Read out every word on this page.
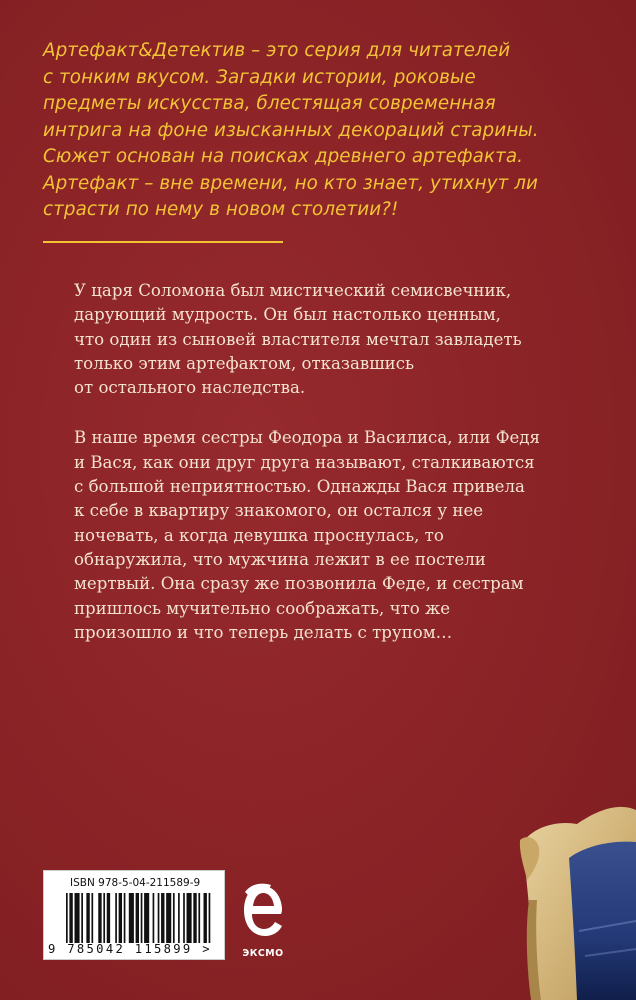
Артефакт&Детектив – это серия для читателей
с тонким вкусом. Загадки истории, роковые
предметы искусства, блестящая современная
интрига на фоне изысканных декораций старины.
Сюжет основан на поисках древнего артефакта.
Артефакт – вне времени, но кто знает, утихнут ли
страсти по нему в новом столетии?!
У царя Соломона был мистический семисвечник,
дарующий мудрость. Он был настолько ценным,
что один из сыновей властителя мечтал завладеть
только этим артефактом, отказавшись
от остального наследства.
В наше время сестры Феодора и Василиса, или Федя
и Вася, как они друг друга называют, сталкиваются
с большой неприятностью. Однажды Вася привела
к себе в квартиру знакомого, он остался у нее
ночевать, а когда девушка проснулась, то
обнаружила, что мужчина лежит в ее постели
мертвый. Она сразу же позвонила Феде, и сестрам
пришлось мучительно соображать, что же
произошло и что теперь делать с трупом…
ISBN 978-5-04-211589-9
9 785042 115899 >	ЭКСМО
